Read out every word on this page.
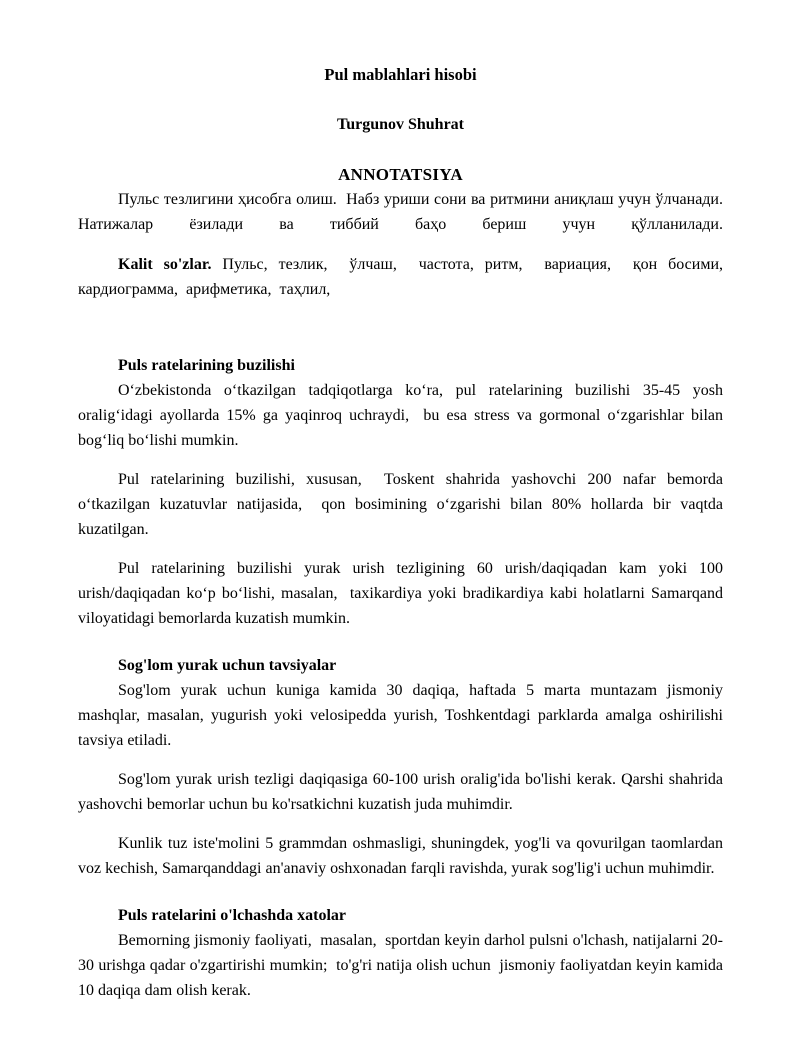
Pul mablahlari hisobi
Turgunov Shuhrat
ANNOTATSIYA

Пульс тезлигини ҳисобга олиш.  Набз уриши сони ва ритмини аниқлаш учун ўлчанади.   Натижалар ёзилади ва тиббий баҳо бериш учун қўлланилади.

Kalit so'zlar. Пульс, тезлик,  ўлчаш,  частота, ритм,  вариация,  қон босими, кардиограмма,  арифметика,  таҳлил,

Puls ratelarining buzilishi

O‘zbekistonda o‘tkazilgan tadqiqotlarga ko‘ra, pul ratelarining buzilishi 35-45 yosh oralig‘idagi ayollarda 15% ga yaqinroq uchraydi,  bu esa stress va gormonal o‘zgarishlar bilan bog‘liq bo‘lishi mumkin.

Pul ratelarining buzilishi, xususan,  Toskent shahrida yashovchi 200 nafar bemorda o‘tkazilgan kuzatuvlar natijasida,  qon bosimining o‘zgarishi bilan 80% hollarda bir vaqtda kuzatilgan.

Pul ratelarining buzilishi yurak urish tezligining 60 urish/daqiqadan kam yoki 100 urish/daqiqadan ko‘p bo‘lishi, masalan,  taxikardiya yoki bradikardiya kabi holatlarni Samarqand viloyatidagi bemorlarda kuzatish mumkin.

Sog'lom yurak uchun tavsiyalar

Sog'lom yurak uchun kuniga kamida 30 daqiqa, haftada 5 marta muntazam jismoniy mashqlar, masalan, yugurish yoki velosipedda yurish, Toshkentdagi parklarda amalga oshirilishi tavsiya etiladi.

Sog'lom yurak urish tezligi daqiqasiga 60-100 urish oralig'ida bo'lishi kerak. Qarshi shahrida yashovchi bemorlar uchun bu ko'rsatkichni kuzatish juda muhimdir.

Kunlik tuz iste'molini 5 grammdan oshmasligi, shuningdek, yog'li va qovurilgan taomlardan voz kechish, Samarqanddagi an'anaviy oshxonadan farqli ravishda, yurak sog'lig'i uchun muhimdir.

Puls ratelarini o'lchashda xatolar

Bemorning jismoniy faoliyati,  masalan,  sportdan keyin darhol pulsni o'lchash, natijalarni 20-30 urishga qadar o'zgartirishi mumkin;  to'g'ri natija olish uchun  jismoniy faoliyatdan keyin kamida 10 daqiqa dam olish kerak.
